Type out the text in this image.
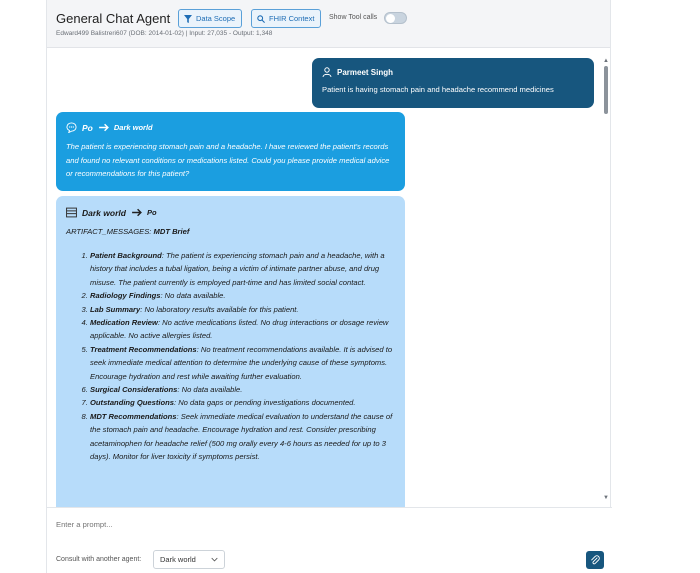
General Chat Agent
Edward499 Balistreri607 (DOB: 2014-01-02) | Input: 27,035 - Output: 1,348
Data Scope	FHIR Context Show Tool calls
▲
▼
Parmeet Singh
Patient is having stomach pain and headache recommend medicines
Po	Dark world
The patient is experiencing stomach pain and a headache. I have reviewed the patient's records and found no relevant conditions or medications listed. Could you please provide medical advice or recommendations for this patient?
Dark world	Po
ARTIFACT_MESSAGES: MDT Brief
1. Patient Background: The patient is experiencing stomach pain and a headache, with a history that includes a tubal ligation, being a victim of intimate partner abuse, and drug misuse. The patient currently is employed part-time and has limited social contact.
2. Radiology Findings: No data available.
3. Lab Summary: No laboratory results available for this patient.
4. Medication Review: No active medications listed. No drug interactions or dosage review applicable. No active allergies listed.
5. Treatment Recommendations: No treatment recommendations available. It is advised to seek immediate medical attention to determine the underlying cause of these symptoms. Encourage hydration and rest while awaiting further evaluation.
6. Surgical Considerations: No data available.
7. Outstanding Questions: No data gaps or pending investigations documented.
8. MDT Recommendations: Seek immediate medical evaluation to understand the cause of the stomach pain and headache. Encourage hydration and rest. Consider prescribing acetaminophen for headache relief (500 mg orally every 4-6 hours as needed for up to 3 days). Monitor for liver toxicity if symptoms persist.
Enter a prompt...
Consult with another agent:	Dark world
